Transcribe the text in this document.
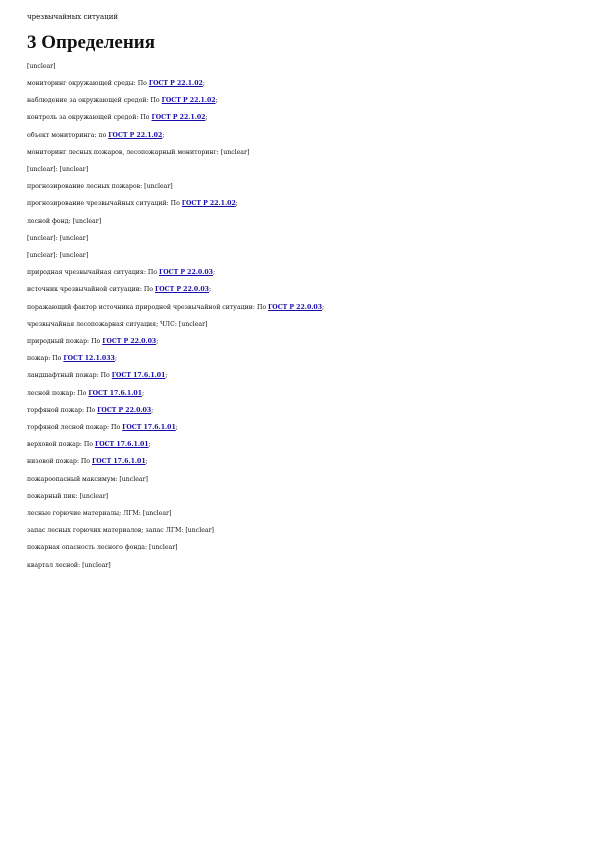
чрезвычайных ситуаций
3 Определения

[unclear]

мониторинг окружающей среды: По ГОСТ Р 22.1.02;

наблюдение за окружающей средой: По ГОСТ Р 22.1.02;

контроль за окружающей средой: По ГОСТ Р 22.1.02;

объект мониторинга: по ГОСТ Р 22.1.02;

мониторинг лесных пожаров, лесопожарный мониторинг: [unclear]

[unclear]: [unclear]

прогнозирование лесных пожаров: [unclear]

прогнозирование чрезвычайных ситуаций: По ГОСТ Р 22.1.02;

лесной фонд: [unclear]

[unclear]: [unclear]

[unclear]: [unclear]

природная чрезвычайная ситуация: По ГОСТ Р 22.0.03;

источник чрезвычайной ситуации: По ГОСТ Р 22.0.03;

поражающий фактор источника природной чрезвычайной ситуации: По ГОСТ Р 22.0.03;

чрезвычайная лесопожарная ситуация; ЧЛС: [unclear]

природный пожар: По ГОСТ Р 22.0.03;

пожар: По ГОСТ 12.1.033;

ландшафтный пожар: По ГОСТ 17.6.1.01;

лесной пожар: По ГОСТ 17.6.1.01;

торфяной пожар: По ГОСТ Р 22.0.03;

торфяной лесной пожар: По ГОСТ 17.6.1.01;

верховой пожар: По ГОСТ 17.6.1.01;

низовой пожар: По ГОСТ 17.6.1.01;

пожароопасный максимум: [unclear]

пожарный пик: [unclear]

лесные горючие материалы; ЛГМ: [unclear]

запас лесных горючих материалов; запас ЛГМ: [unclear]

пожарная опасность лесного фонда: [unclear]

квартал лесной: [unclear]
